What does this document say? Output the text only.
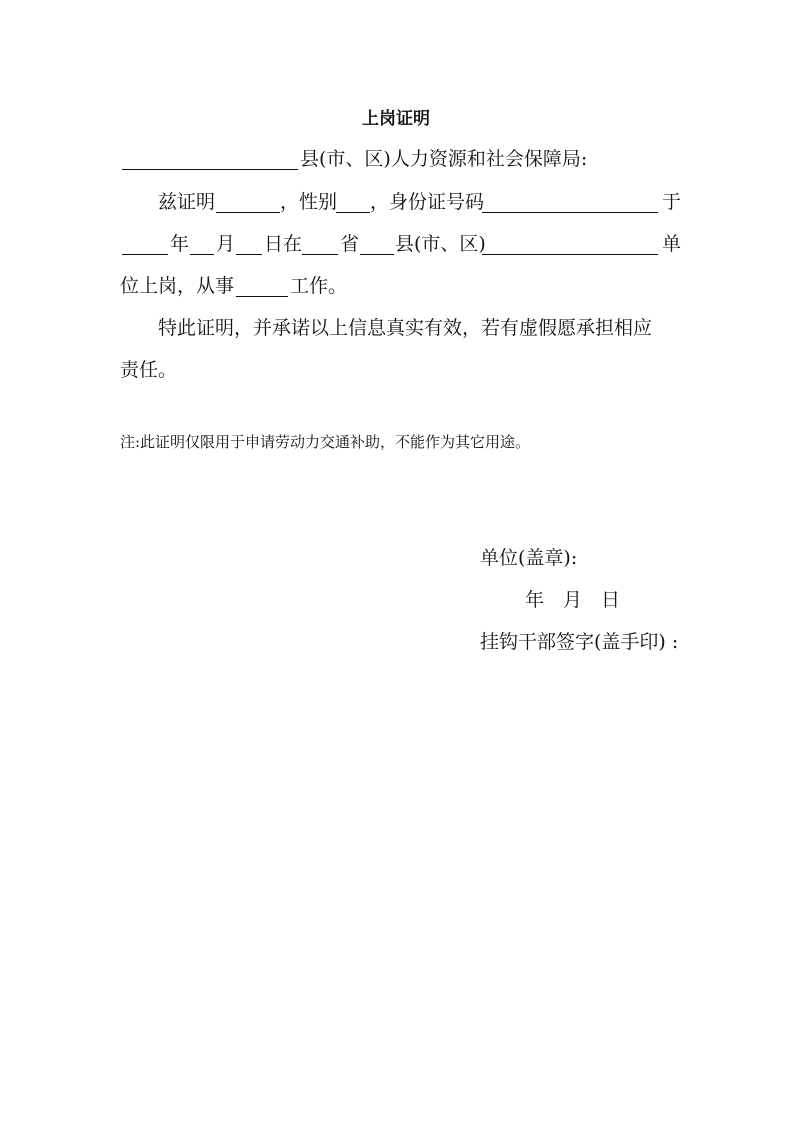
上岗证明
县(市、区)人力资源和社会保障局:
兹证明	，性别 ，身份证号码	于
年 月 日在 省 县(市、区)	单
位上岗，从事	工作。
特此证明，并承诺以上信息真实有效，若有虚假愿承担相应
责任。
注:此证明仅限用于申请劳动力交通补助，不能作为其它用途。
单位(盖章):
年　月　日
挂钩干部签字(盖手印) :
